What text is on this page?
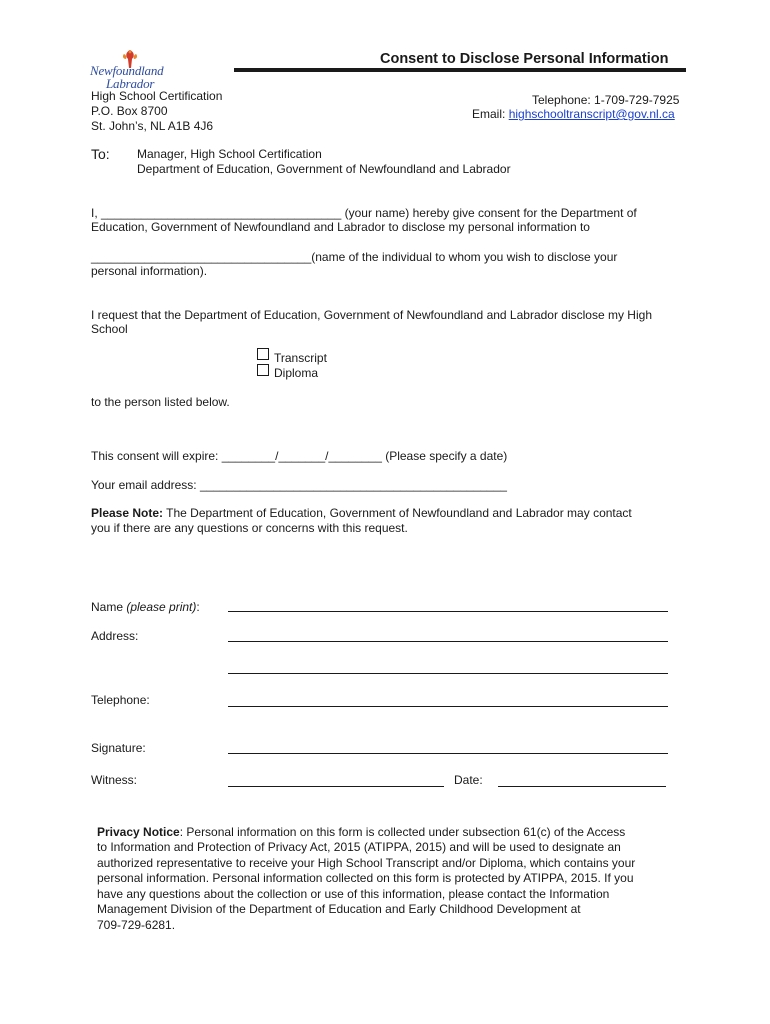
Newfoundland
Labrador
Consent to Disclose Personal Information
High School Certification
P.O. Box 8700
St. John’s, NL A1B 4J6
Telephone: 1-709-729-7925
Email: highschooltranscript@gov.nl.ca
To: Manager, High School Certification
Department of Education, Government of Newfoundland and Labrador
I, ____________________________________ (your name) hereby give consent for the Department of
Education, Government of Newfoundland and Labrador to disclose my personal information to
_________________________________(name of the individual to whom you wish to disclose your
personal information).
I request that the Department of Education, Government of Newfoundland and Labrador disclose my High
School
Transcript
Diploma
to the person listed below.
This consent will expire: ________/_______/________ (Please specify a date)
Your email address: ______________________________________________
Please Note: The Department of Education, Government of Newfoundland and Labrador may contact
you if there are any questions or concerns with this request.
Name (please print):
Address:
Telephone:
Signature:
Witness:	Date:
Privacy Notice: Personal information on this form is collected under subsection 61(c) of the Access
to Information and Protection of Privacy Act, 2015 (ATIPPA, 2015) and will be used to designate an
authorized representative to receive your High School Transcript and/or Diploma, which contains your
personal information. Personal information collected on this form is protected by ATIPPA, 2015. If you
have any questions about the collection or use of this information, please contact the Information
Management Division of the Department of Education and Early Childhood Development at
709-729-6281.
